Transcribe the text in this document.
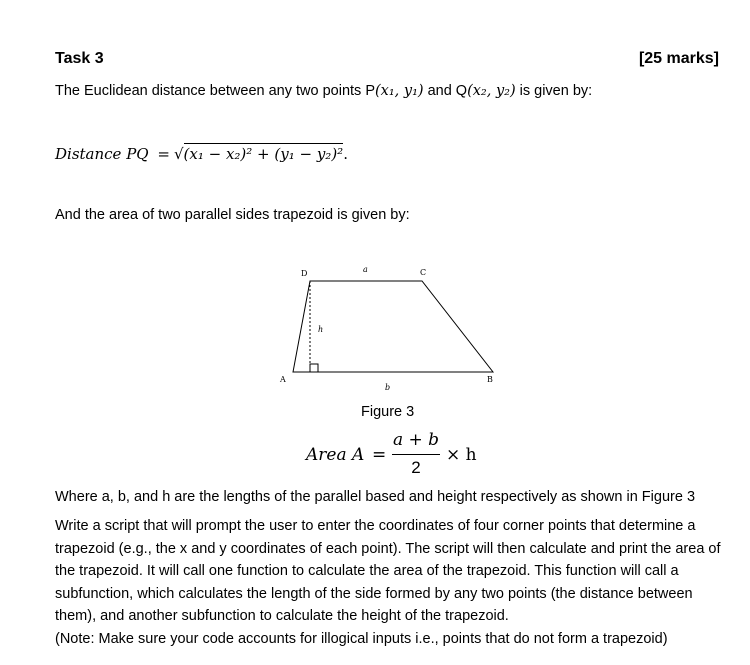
Task 3	[25 marks]
The Euclidean distance between any two points P(x₁, y₁) and Q(x₂, y₂) is given by:
Distance PQ = √(x₁ − x₂)² + (y₁ − y₂)².
And the area of two parallel sides trapezoid is given by:
D	C
A	B
a
b
h
Figure 3
Area A =
a + b
2
× h
Where a, b, and h are the lengths of the parallel based and height respectively as shown in Figure 3
Write a script that will prompt the user to enter the coordinates of four corner points that determine a trapezoid (e.g., the x and y coordinates of each point). The script will then calculate and print the area of the trapezoid. It will call one function to calculate the area of the trapezoid. This function will call a subfunction, which calculates the length of the side formed by any two points (the distance between them), and another subfunction to calculate the height of the trapezoid.
(Note: Make sure your code accounts for illogical inputs i.e., points that do not form a trapezoid)
